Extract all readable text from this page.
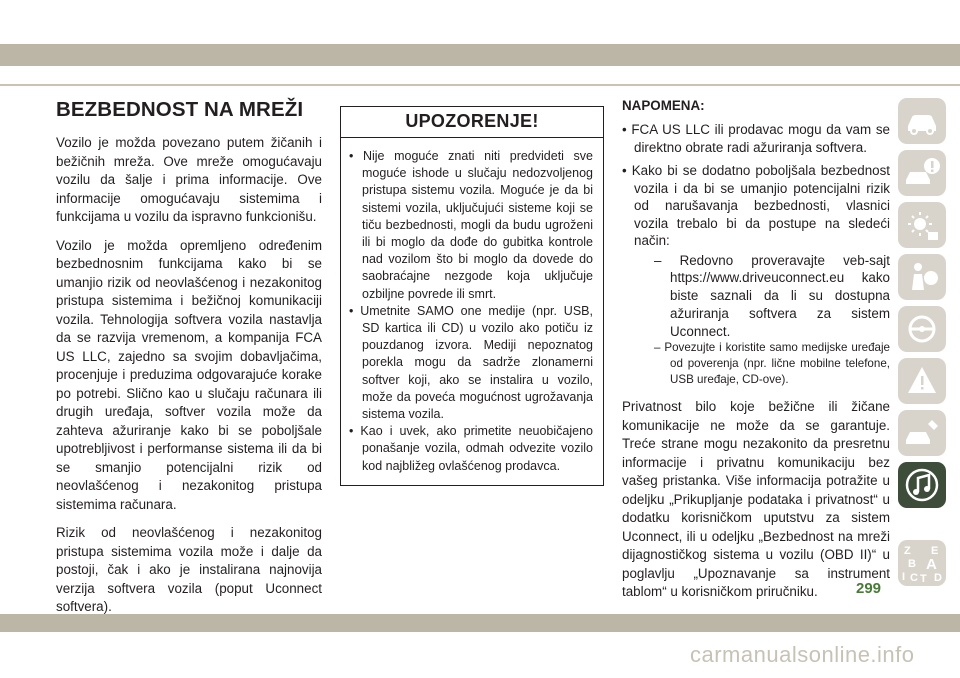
BEZBEDNOST NA MREŽI

Vozilo je možda povezano putem žičanih i bežičnih mreža. Ove mreže omogućavaju vozilu da šalje i prima informacije. Ove informacije omogućavaju sistemima i funkcijama u vozilu da ispravno funkcionišu.

Vozilo je možda opremljeno određenim bezbednosnim funkcijama kako bi se umanjio rizik od neovlašćenog i nezakonitog pristupa sistemima i bežičnoj komunikaciji vozila. Tehnologija softvera vozila nastavlja da se razvija vremenom, a kompanija FCA US LLC, zajedno sa svojim dobavljačima, procenjuje i preduzima odgovarajuće korake po potrebi. Slično kao u slučaju računara ili drugih uređaja, softver vozila može da zahteva ažuriranje kako bi se poboljšale upotrebljivost i performanse sistema ili da bi se smanjio potencijalni rizik od neovlašćenog i nezakonitog pristupa sistemima računara.

Rizik od neovlašćenog i nezakonitog pristupa sistemima vozila može i dalje da postoji, čak i ako je instalirana najnovija verzija softvera vozila (poput Uconnect softvera).

UPOZORENJE!
• Nije moguće znati niti predvideti sve moguće ishode u slučaju nedozvoljenog pristupa sistemu vozila. Moguće je da bi sistemi vozila, uključujući sisteme koji se tiču bezbednosti, mogli da budu ugroženi ili bi moglo da dođe do gubitka kontrole nad vozilom što bi moglo da dovede do saobraćajne nezgode koja uključuje ozbiljne povrede ili smrt.
• Umetnite SAMO one medije (npr. USB, SD kartica ili CD) u vozilo ako potiču iz pouzdanog izvora. Mediji nepoznatog porekla mogu da sadrže zlonamerni softver koji, ako se instalira u vozilo, može da poveća mogućnost ugrožavanja sistema vozila.
• Kao i uvek, ako primetite neuobičajeno ponašanje vozila, odmah odvezite vozilo kod najbližeg ovlašćenog prodavca.
NAPOMENA:
• FCA US LLC ili prodavac mogu da vam se direktno obrate radi ažuriranja softvera.
• Kako bi se dodatno poboljšala bezbednost vozila i da bi se umanjio potencijalni rizik od narušavanja bezbednosti, vlasnici vozila trebalo bi da postupe na sledeći način:
– Redovno proveravajte veb-sajt https://www.driveuconnect.eu kako biste saznali da li su dostupna ažuriranja softvera za sistem Uconnect.
– Povezujte i koristite samo medijske uređaje od poverenja (npr. lične mobilne telefone, USB uređaje, CD-ove).

Privatnost bilo koje bežične ili žičane komunikacije ne može da se garantuje. Treće strane mogu nezakonito da presretnu informacije i privatnu komunikaciju bez vašeg pristanka. Više informacija potražite u odeljku „Prikupljanje podataka i privatnost“ u dodatku korisničkom uputstvu za sistem Uconnect, ili u odeljku „Bezbednost na mreži dijagnostičkog sistema u vozilu (OBD II)“ u poglavlju „Upoznavanje sa instrument tablom“ u korisničkom priručniku.

Z E
B A
I C T D
299
carmanualsonline.info
